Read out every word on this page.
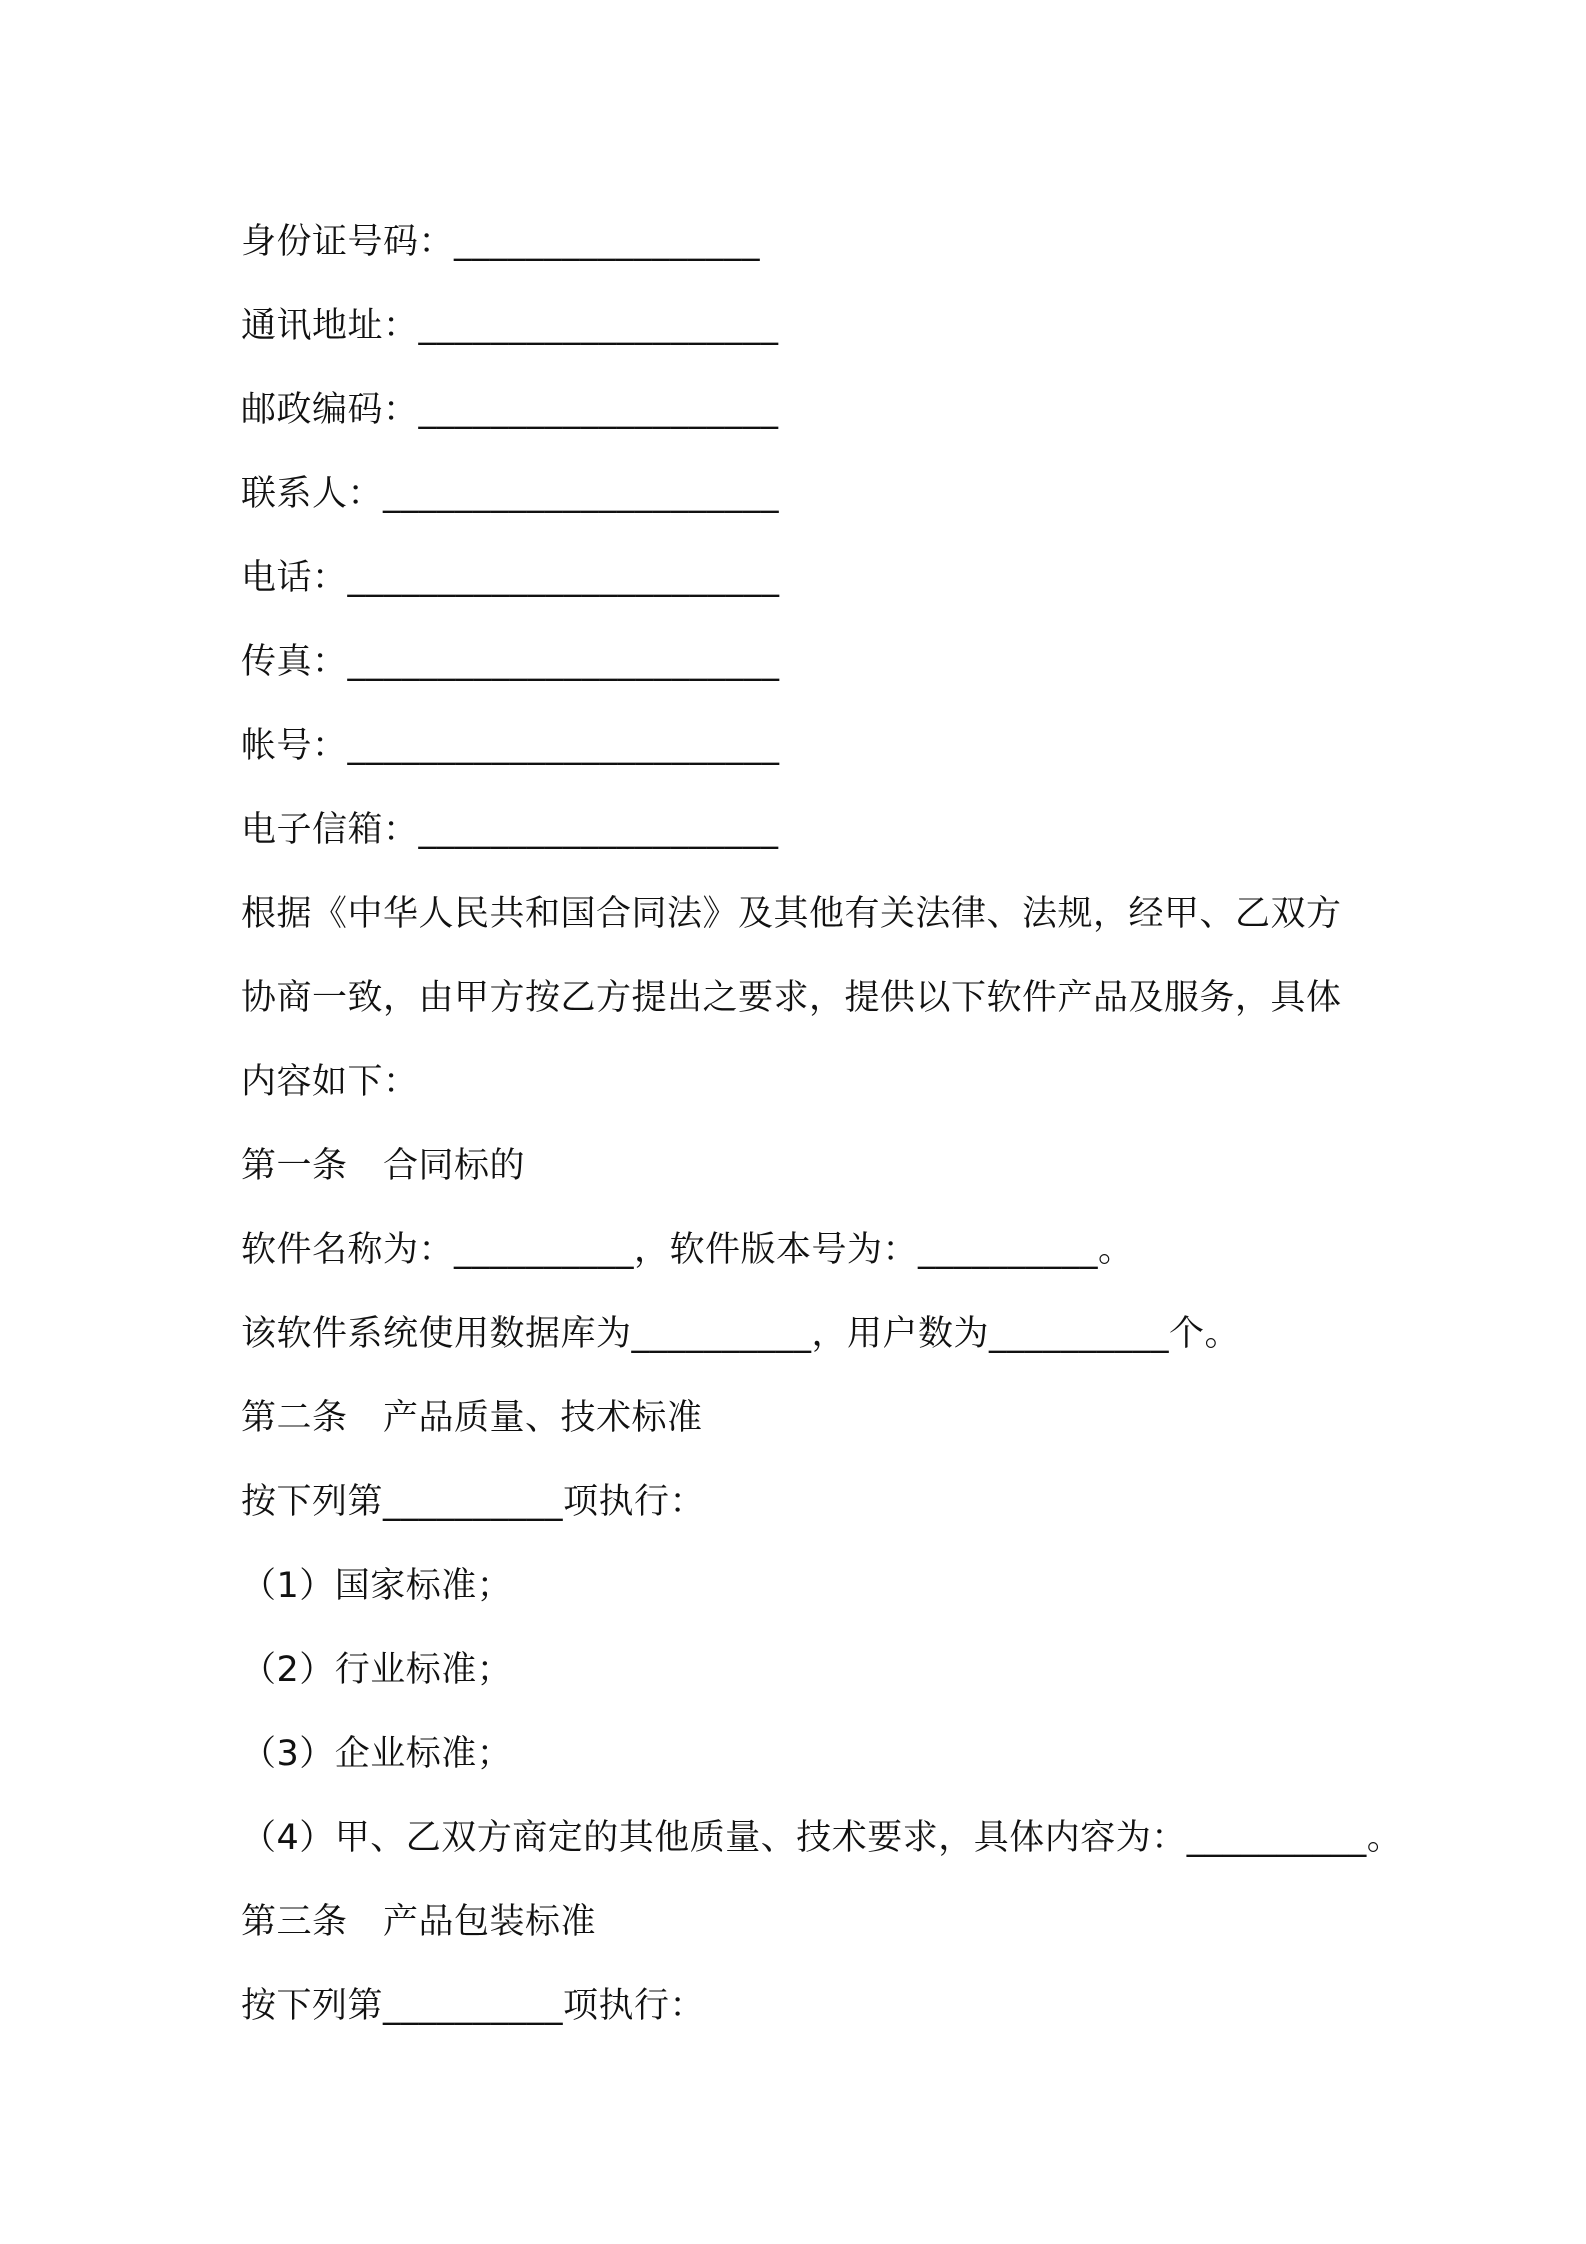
身份证号码：_________________
通讯地址：____________________
邮政编码：____________________
联系人：______________________
电话：________________________
传真：________________________
帐号：________________________
电子信箱：____________________
根据《中华人民共和国合同法》及其他有关法律、法规，经甲、乙双方协商一致，由甲方按乙方提出之要求，提供以下软件产品及服务，具体内容如下：
第一条　合同标的
软件名称为：__________，软件版本号为：__________。
该软件系统使用数据库为__________，用户数为__________个。
第二条　产品质量、技术标准
按下列第__________项执行：
（1）国家标准；
（2）行业标准；
（3）企业标准；
（4）甲、乙双方商定的其他质量、技术要求，具体内容为：__________。
第三条　产品包装标准
按下列第__________项执行：
